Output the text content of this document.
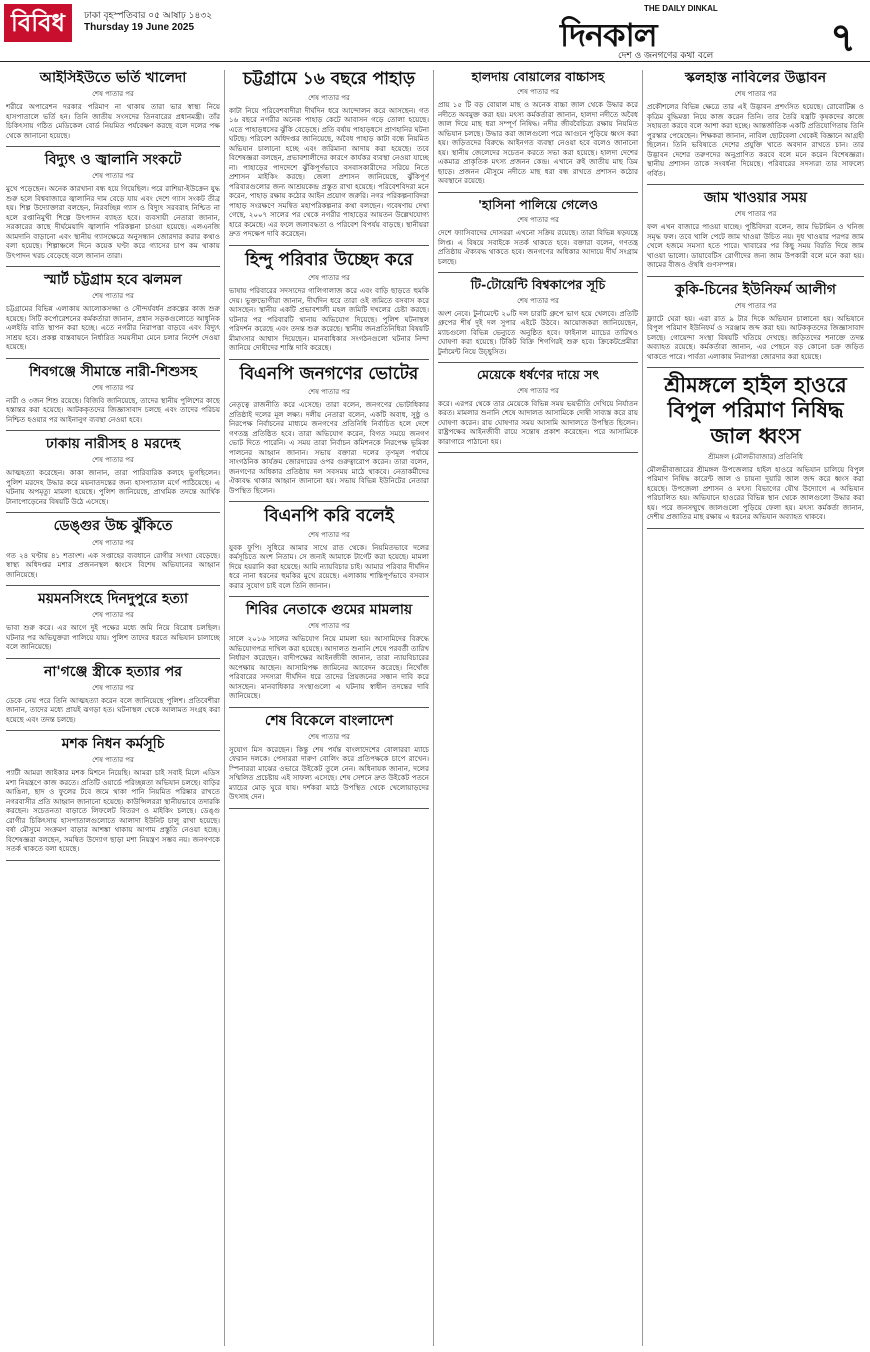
বিবিধ	ঢাকা বৃহস্পতিবার ০৫ আষাঢ় ১৪৩২
Thursday 19 June 2025
THE DAILY DINKAL
দিনকাল
দেশ ও জনগণের কথা বলে	৭
আইসিইউতে ভর্তি খালেদা
শেষ পাতার পর
শরীরে অপারেশন দরকার পরিমাণ না থাকায় তারা ভার স্বাস্থ্য নিয়ে হাসপাতালে ভর্তি হন। তিনি জাতীয় সংসদের তিনবারের প্রধানমন্ত্রী। তাঁর চিকিৎসায় গঠিত মেডিকেল বোর্ড নিয়মিত পর্যবেক্ষণ করছে বলে দলের পক্ষ থেকে জানানো হয়েছে।
বিদ্যুৎ ও জ্বালানি সংকটে
শেষ পাতার পর
মুখে পড়েছেন। অনেক কারখানা বন্ধ হয়ে গিয়েছিল। পরে রাশিয়া-ইউক্রেন যুদ্ধ শুরু হলে বিশ্ববাজারে জ্বালানির দাম বেড়ে যায় এবং দেশে গ্যাস সংকট তীব্র হয়। শিল্প উদ্যোক্তারা বলছেন, নিরবচ্ছিন্ন গ্যাস ও বিদ্যুৎ সরবরাহ নিশ্চিত না হলে রপ্তানিমুখী শিল্পে উৎপাদন ব্যাহত হবে। ব্যবসায়ী নেতারা জানান, সরকারের কাছে দীর্ঘমেয়াদি জ্বালানি পরিকল্পনা চাওয়া হয়েছে। এলএনজি আমদানি বাড়ানো এবং স্থানীয় গ্যাসক্ষেত্রে অনুসন্ধান জোরদার করার কথাও বলা হয়েছে। শিল্পাঞ্চলে দিনে কয়েক ঘণ্টা করে গ্যাসের চাপ কম থাকায় উৎপাদন খরচ বেড়েছে বলে জানান তারা।
স্মার্ট চট্টগ্রাম হবে ঝলমল
শেষ পাতার পর
চট্টগ্রামের বিভিন্ন এলাকায় আলোকসজ্জা ও সৌন্দর্যবর্ধন প্রকল্পের কাজ শুরু হয়েছে। সিটি কর্পোরেশনের কর্মকর্তারা জানান, প্রধান সড়কগুলোতে আধুনিক এলইডি বাতি স্থাপন করা হচ্ছে। এতে নগরীর নিরাপত্তা বাড়বে এবং বিদ্যুৎ সাশ্রয় হবে। প্রকল্প বাস্তবায়নে নির্ধারিত সময়সীমা মেনে চলার নির্দেশ দেওয়া হয়েছে।
শিবগঞ্জে সীমান্তে নারী-শিশুসহ
শেষ পাতার পর
নারী ও ৩জন শিশু রয়েছে। বিজিবি জানিয়েছে, তাদের স্থানীয় পুলিশের কাছে হস্তান্তর করা হয়েছে। আটককৃতদের জিজ্ঞাসাবাদ চলছে এবং তাদের পরিচয় নিশ্চিত হওয়ার পর আইনানুগ ব্যবস্থা নেওয়া হবে।
ঢাকায় নারীসহ ৪ মরদেহ
শেষ পাতার পর
আত্মহত্যা করেছেন। কাকা জানান, তারা পারিবারিক কলহে ভুগছিলেন। পুলিশ মরদেহ উদ্ধার করে ময়নাতদন্তের জন্য হাসপাতাল মর্গে পাঠিয়েছে। এ ঘটনায় অপমৃত্যু মামলা হয়েছে। পুলিশ জানিয়েছে, প্রাথমিক তদন্তে আর্থিক টানাপোড়েনের বিষয়টি উঠে এসেছে।
ডেঙ্গুর উচ্চ ঝুঁকিতে
শেষ পাতার পর
গত ২৪ ঘণ্টায় ৪১ শতাংশ। এক সপ্তাহের ব্যবধানে রোগীর সংখ্যা বেড়েছে। স্বাস্থ্য অধিদপ্তর মশার প্রজননস্থল ধ্বংসে বিশেষ অভিযানের আহ্বান জানিয়েছে।
ময়মনসিংহে দিনদুপুরে হত্যা
শেষ পাতার পর
ভাবা শুরু করে। এর আগে দুই পক্ষের মধ্যে জমি নিয়ে বিরোধ চলছিল। ঘটনার পর অভিযুক্তরা পালিয়ে যায়। পুলিশ তাদের ধরতে অভিযান চালাচ্ছে বলে জানিয়েছে।
না'গঞ্জে স্ত্রীকে হত্যার পর
শেষ পাতার পর
ডেকে নেয় পরে তিনি আত্মহত্যা করেন বলে জানিয়েছে পুলিশ। প্রতিবেশীরা জানান, তাদের মধ্যে প্রায়ই ঝগড়া হত। ঘটনাস্থল থেকে আলামত সংগ্রহ করা হয়েছে এবং তদন্ত চলছে।
মশক নিধন কর্মসূচি
শেষ পাতার পর
প্যাটী আমরা জাইকার মশক মিশনে নিয়েছি। আমরা চাই সবাই মিলে এডিস মশা নিয়ন্ত্রণে কাজ করতে। প্রতিটি ওয়ার্ডে পরিচ্ছন্নতা অভিযান চলছে। বাড়ির আঙিনা, ছাদ ও ফুলের টবে জমে থাকা পানি নিয়মিত পরিষ্কার রাখতে নগরবাসীর প্রতি আহ্বান জানানো হয়েছে। কাউন্সিলররা স্থানীয়ভাবে তদারকি করছেন। সচেতনতা বাড়াতে লিফলেট বিতরণ ও মাইকিং চলছে। ডেঙ্গু রোগীর চিকিৎসায় হাসপাতালগুলোতে আলাদা ইউনিট চালু রাখা হয়েছে। বর্ষা মৌসুমে সংক্রমণ বাড়ার আশঙ্কা থাকায় আগাম প্রস্তুতি নেওয়া হচ্ছে। বিশেষজ্ঞরা বলছেন, সমন্বিত উদ্যোগ ছাড়া মশা নিয়ন্ত্রণ সম্ভব নয়। জনগণকে সতর্ক থাকতে বলা হয়েছে।
চট্টগ্রামে ১৬ বছরে পাহাড়
শেষ পাতার পর
কাটা নিয়ে পরিবেশবাদীরা দীর্ঘদিন ধরে আন্দোলন করে আসছেন। গত ১৬ বছরে নগরীর অনেক পাহাড় কেটে আবাসন গড়ে তোলা হয়েছে। এতে পাহাড়ধসের ঝুঁকি বেড়েছে। প্রতি বর্ষায় পাহাড়ধসে প্রাণহানির ঘটনা ঘটছে। পরিবেশ অধিদপ্তর জানিয়েছে, অবৈধ পাহাড় কাটা বন্ধে নিয়মিত অভিযান চালানো হচ্ছে এবং জরিমানা আদায় করা হয়েছে। তবে বিশেষজ্ঞরা বলছেন, প্রভাবশালীদের কারণে কার্যকর ব্যবস্থা নেওয়া যাচ্ছে না। পাহাড়ের পাদদেশে ঝুঁকিপূর্ণভাবে বসবাসকারীদের সরিয়ে নিতে প্রশাসন মাইকিং করছে। জেলা প্রশাসন জানিয়েছে, ঝুঁকিপূর্ণ পরিবারগুলোর জন্য আশ্রয়কেন্দ্র প্রস্তুত রাখা হয়েছে। পরিবেশবিদরা মনে করেন, পাহাড় রক্ষায় কঠোর আইন প্রয়োগ জরুরি। নগর পরিকল্পনাবিদরা পাহাড় সংরক্ষণে সমন্বিত মহাপরিকল্পনার কথা বলছেন। গবেষণায় দেখা গেছে, ২০০৭ সালের পর থেকে নগরীর পাহাড়ের আয়তন উল্লেখযোগ্য হারে কমেছে। এর ফলে জলাবদ্ধতা ও পরিবেশ বিপর্যয় বাড়ছে। স্থানীয়রা দ্রুত পদক্ষেপ দাবি করেছেন।
হিন্দু পরিবার উচ্ছেদ করে
শেষ পাতার পর
ভাষায় পরিবারের সদস্যদের গালিগালাজ করে এবং বাড়ি ছাড়তে হুমকি দেয়। ভুক্তভোগীরা জানান, দীর্ঘদিন ধরে তারা ওই জমিতে বসবাস করে আসছেন। স্থানীয় একটি প্রভাবশালী মহল জমিটি দখলের চেষ্টা করছে। ঘটনার পর পরিবারটি থানায় অভিযোগ দিয়েছে। পুলিশ ঘটনাস্থল পরিদর্শন করেছে এবং তদন্ত শুরু করেছে। স্থানীয় জনপ্রতিনিধিরা বিষয়টি মীমাংসার আশ্বাস দিয়েছেন। মানবাধিকার সংগঠনগুলো ঘটনার নিন্দা জানিয়ে দোষীদের শাস্তি দাবি করেছে।
বিএনপি জনগণের ভোটের
শেষ পাতার পর
নেতৃত্বে রাজনীতি করে এসেছে। তারা বলেন, জনগণের ভোটাধিকার প্রতিষ্ঠাই দলের মূল লক্ষ্য। দলীয় নেতারা বলেন, একটি অবাধ, সুষ্ঠু ও নিরপেক্ষ নির্বাচনের মাধ্যমে জনগণের প্রতিনিধি নির্বাচিত হলে দেশে গণতন্ত্র প্রতিষ্ঠিত হবে। তারা অভিযোগ করেন, বিগত সময়ে জনগণ ভোট দিতে পারেনি। এ সময় তারা নির্বাচন কমিশনকে নিরপেক্ষ ভূমিকা পালনের আহ্বান জানান। সভায় বক্তারা দলের তৃণমূল পর্যায়ে সাংগঠনিক কার্যক্রম জোরদারের ওপর গুরুত্বারোপ করেন। তারা বলেন, জনগণের অধিকার প্রতিষ্ঠায় দল সবসময় মাঠে থাকবে। নেতাকর্মীদের ঐক্যবদ্ধ থাকার আহ্বান জানানো হয়। সভায় বিভিন্ন ইউনিটের নেতারা উপস্থিত ছিলেন।
বিএনপি করি বলেই
শেষ পাতার পর
যুবক ফুপি। সুধিরে আমার সাথে রাত থেকে। নিয়মিতভাবে দলের কর্মসূচিতে অংশ নিতাম। সে জন্যই আমাকে টার্গেট করা হয়েছে। মামলা দিয়ে হয়রানি করা হয়েছে। আমি ন্যায়বিচার চাই। আমার পরিবার দীর্ঘদিন ধরে নানা ধরনের হুমকির মুখে রয়েছে। এলাকায় শান্তিপূর্ণভাবে বসবাস করার সুযোগ চাই বলে তিনি জানান।
শিবির নেতাকে গুমের মামলায়
শেষ পাতার পর
সালে ২০১৬ সালের অভিযোগ নিয়ে মামলা হয়। আসামিদের বিরুদ্ধে অভিযোগপত্র দাখিল করা হয়েছে। আদালত শুনানি শেষে পরবর্তী তারিখ নির্ধারণ করেছেন। বাদীপক্ষের আইনজীবী জানান, তারা ন্যায়বিচারের অপেক্ষায় আছেন। আসামিপক্ষ জামিনের আবেদন করেছে। নিখোঁজ পরিবারের সদস্যরা দীর্ঘদিন ধরে তাদের প্রিয়জনের সন্ধান দাবি করে আসছেন। মানবাধিকার সংস্থাগুলো এ ঘটনায় স্বাধীন তদন্তের দাবি জানিয়েছে।
শেষ বিকেলে বাংলাদেশ
শেষ পাতার পর
সুযোগ মিস করেছেন। কিন্তু শেষ পর্যন্ত বাংলাদেশের বোলাররা ম্যাচে ফেরান দলকে। পেসাররা দারুণ বোলিং করে প্রতিপক্ষকে চাপে রাখেন। স্পিনাররা মাঝের ওভারে উইকেট তুলে নেন। অধিনায়ক জানান, দলের সম্মিলিত প্রচেষ্টায় এই সাফল্য এসেছে। শেষ সেশনে দ্রুত উইকেট পতনে ম্যাচের মোড় ঘুরে যায়। দর্শকরা মাঠে উপস্থিত থেকে খেলোয়াড়দের উৎসাহ দেন।
হালদায় বোয়ালের বাচ্চাসহ
শেষ পাতার পর
প্রায় ১৫ টি বড় বোয়াল মাছ ও অনেক বাচ্চা জাল থেকে উদ্ধার করে নদীতে অবমুক্ত করা হয়। মৎস্য কর্মকর্তারা জানান, হালদা নদীতে অবৈধ জাল দিয়ে মাছ ধরা সম্পূর্ণ নিষিদ্ধ। নদীর জীববৈচিত্র্য রক্ষায় নিয়মিত অভিযান চলছে। উদ্ধার করা জালগুলো পরে আগুনে পুড়িয়ে ধ্বংস করা হয়। জড়িতদের বিরুদ্ধে আইনগত ব্যবস্থা নেওয়া হবে বলেও জানানো হয়। স্থানীয় জেলেদের সচেতন করতে সভা করা হয়েছে। হালদা দেশের একমাত্র প্রাকৃতিক মৎস্য প্রজনন কেন্দ্র। এখানে রুই জাতীয় মাছ ডিম ছাড়ে। প্রজনন মৌসুমে নদীতে মাছ ধরা বন্ধ রাখতে প্রশাসন কঠোর অবস্থানে রয়েছে।
'হাসিনা পালিয়ে গেলেও
শেষ পাতার পর
দেশে ফ্যাসিবাদের দোসররা এখনো সক্রিয় রয়েছে। তারা বিভিন্ন ষড়যন্ত্রে লিপ্ত। এ বিষয়ে সবাইকে সতর্ক থাকতে হবে। বক্তারা বলেন, গণতন্ত্র প্রতিষ্ঠায় ঐক্যবদ্ধ থাকতে হবে। জনগণের অধিকার আদায়ে দীর্ঘ সংগ্রাম চলছে।
টি-টোয়েন্টি বিশ্বকাপের সূচি
শেষ পাতার পর
অংশ নেবে। টুর্নামেন্টে ২০টি দল চারটি গ্রুপে ভাগ হয়ে খেলবে। প্রতিটি গ্রুপের শীর্ষ দুই দল সুপার এইটে উঠবে। আয়োজকরা জানিয়েছেন, ম্যাচগুলো বিভিন্ন ভেন্যুতে অনুষ্ঠিত হবে। ফাইনাল ম্যাচের তারিখও ঘোষণা করা হয়েছে। টিকিট বিক্রি শিগগিরই শুরু হবে। ক্রিকেটপ্রেমীরা টুর্নামেন্ট নিয়ে উচ্ছ্বসিত।
মেয়েকে ধর্ষণের দায়ে সৎ
শেষ পাতার পর
করে। এরপর থেকে তার মেয়েকে বিভিন্ন সময় ভয়ভীতি দেখিয়ে নির্যাতন করত। মামলার শুনানি শেষে আদালত আসামিকে দোষী সাব্যস্ত করে রায় ঘোষণা করেন। রায় ঘোষণার সময় আসামি আদালতে উপস্থিত ছিলেন। রাষ্ট্রপক্ষের আইনজীবী রায়ে সন্তোষ প্রকাশ করেছেন। পরে আসামিকে কারাগারে পাঠানো হয়।
স্কলহাস্ত নাবিলের উদ্ভাবন
শেষ পাতার পর
প্রকৌশলের বিভিন্ন ক্ষেত্রে তার এই উদ্ভাবন প্রশংসিত হয়েছে। রোবোটিক্স ও কৃত্রিম বুদ্ধিমত্তা নিয়ে কাজ করেন তিনি। তার তৈরি যন্ত্রটি কৃষকদের কাজে সহায়তা করবে বলে আশা করা হচ্ছে। আন্তর্জাতিক একটি প্রতিযোগিতায় তিনি পুরস্কার পেয়েছেন। শিক্ষকরা জানান, নাবিল ছোটবেলা থেকেই বিজ্ঞানে আগ্রহী ছিলেন। তিনি ভবিষ্যতে দেশের প্রযুক্তি খাতে অবদান রাখতে চান। তার উদ্ভাবন দেশের তরুণদের অনুপ্রাণিত করবে বলে মনে করেন বিশেষজ্ঞরা। স্থানীয় প্রশাসন তাকে সংবর্ধনা দিয়েছে। পরিবারের সদস্যরা তার সাফল্যে গর্বিত।
জাম খাওয়ার সময়
শেষ পাতার পর
ফল এখন বাজারে পাওয়া যাচ্ছে। পুষ্টিবিদরা বলেন, জাম ভিটামিন ও খনিজ সমৃদ্ধ ফল। তবে খালি পেটে জাম খাওয়া উচিত নয়। দুধ খাওয়ার পরপর জাম খেলে হজমে সমস্যা হতে পারে। খাবারের পর কিছু সময় বিরতি দিয়ে জাম খাওয়া ভালো। ডায়াবেটিস রোগীদের জন্য জাম উপকারী বলে মনে করা হয়। জামের বীজও ঔষধি গুণসম্পন্ন।
কুকি-চিনের ইউনিফর্ম আলীগ
শেষ পাতার পর
ফ্ল্যাটে ঘেরা হয়। এরা রাত ৯ টার দিকে অভিযান চালানো হয়। অভিযানে বিপুল পরিমাণ ইউনিফর্ম ও সরঞ্জাম জব্দ করা হয়। আটককৃতদের জিজ্ঞাসাবাদ চলছে। গোয়েন্দা সংস্থা বিষয়টি খতিয়ে দেখছে। জড়িতদের শনাক্তে তদন্ত অব্যাহত রয়েছে। কর্মকর্তারা জানান, এর পেছনে বড় কোনো চক্র জড়িত থাকতে পারে। পার্বত্য এলাকায় নিরাপত্তা জোরদার করা হয়েছে।
শ্রীমঙ্গলে হাইল হাওরে বিপুল পরিমাণ নিষিদ্ধ জাল ধ্বংস
শ্রীমঙ্গল (মৌলভীবাজার) প্রতিনিধি
মৌলভীবাজারের শ্রীমঙ্গল উপজেলার হাইল হাওরে অভিযান চালিয়ে বিপুল পরিমাণ নিষিদ্ধ কারেন্ট জাল ও চায়না দুয়ারি জাল জব্দ করে ধ্বংস করা হয়েছে। উপজেলা প্রশাসন ও মৎস্য বিভাগের যৌথ উদ্যোগে এ অভিযান পরিচালিত হয়। অভিযানে হাওরের বিভিন্ন স্থান থেকে জালগুলো উদ্ধার করা হয়। পরে জনসম্মুখে জালগুলো পুড়িয়ে ফেলা হয়। মৎস্য কর্মকর্তা জানান, দেশীয় প্রজাতির মাছ রক্ষায় এ ধরনের অভিযান অব্যাহত থাকবে।
